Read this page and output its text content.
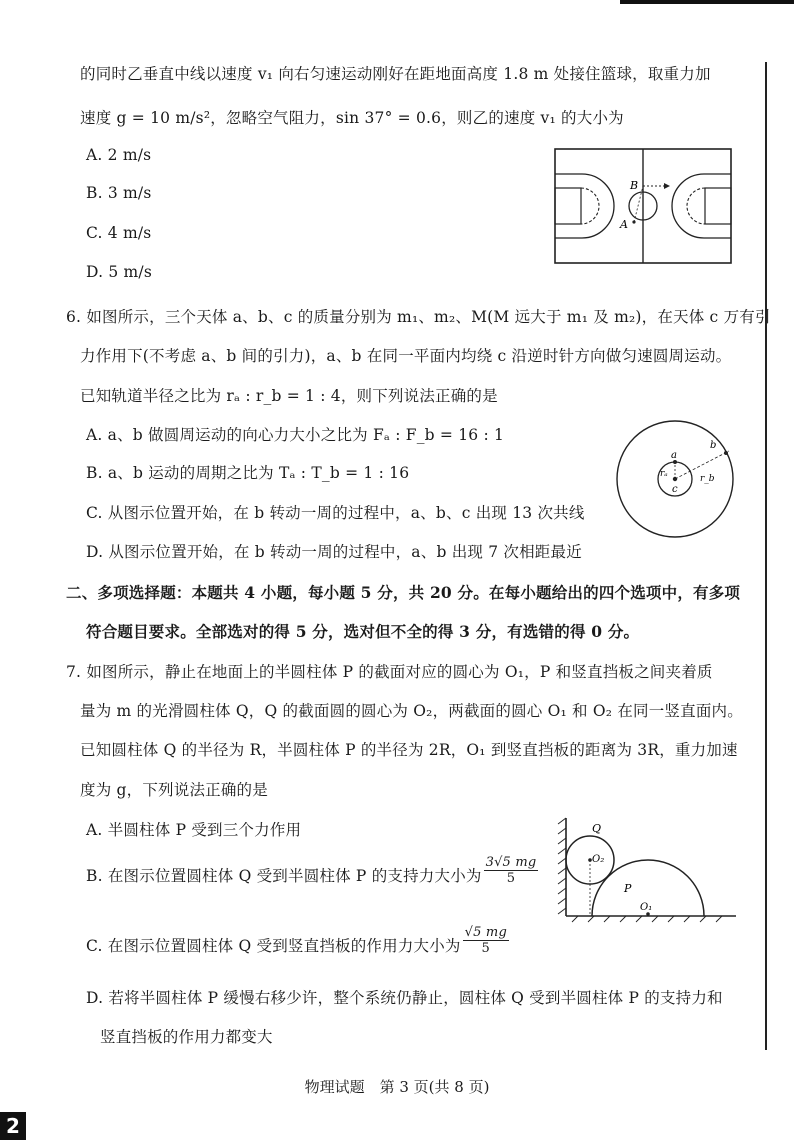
的同时乙垂直中线以速度 v₁ 向右匀速运动刚好在距地面高度 1.8 m 处接住篮球，取重力加
速度 g = 10 m/s²，忽略空气阻力，sin 37° = 0.6，则乙的速度 v₁ 的大小为
A. 2 m/s
B. 3 m/s
C. 4 m/s
D. 5 m/s
B
A
6. 如图所示，三个天体 a、b、c 的质量分别为 m₁、m₂、M(M 远大于 m₁ 及 m₂)，在天体 c 万有引
力作用下(不考虑 a、b 间的引力)，a、b 在同一平面内均绕 c 沿逆时针方向做匀速圆周运动。
已知轨道半径之比为 rₐ : r_b = 1 : 4，则下列说法正确的是
A. a、b 做圆周运动的向心力大小之比为 Fₐ : F_b = 16 : 1
B. a、b 运动的周期之比为 Tₐ : T_b = 1 : 16
C. 从图示位置开始，在 b 转动一周的过程中，a、b、c 出现 13 次共线
D. 从图示位置开始，在 b 转动一周的过程中，a、b 出现 7 次相距最近
a
b
c
rₐ	r_b
二、多项选择题：本题共 4 小题，每小题 5 分，共 20 分。在每小题给出的四个选项中，有多项
符合题目要求。全部选对的得 5 分，选对但不全的得 3 分，有选错的得 0 分。
7. 如图所示，静止在地面上的半圆柱体 P 的截面对应的圆心为 O₁，P 和竖直挡板之间夹着质
量为 m 的光滑圆柱体 Q，Q 的截面圆的圆心为 O₂，两截面的圆心 O₁ 和 O₂ 在同一竖直面内。
已知圆柱体 Q 的半径为 R，半圆柱体 P 的半径为 2R，O₁ 到竖直挡板的距离为 3R，重力加速
度为 g，下列说法正确的是
A. 半圆柱体 P 受到三个力作用
B. 在图示位置圆柱体 Q 受到半圆柱体 P 的支持力大小为 $\frac{3√5 mg}{5}$
C. 在图示位置圆柱体 Q 受到竖直挡板的作用力大小为 $\frac{√5 mg}{5}$
D. 若将半圆柱体 P 缓慢右移少许，整个系统仍静止，圆柱体 Q 受到半圆柱体 P 的支持力和
竖直挡板的作用力都变大
Q
O₂
P
O₁
物理试题　第 3 页(共 8 页)
2
